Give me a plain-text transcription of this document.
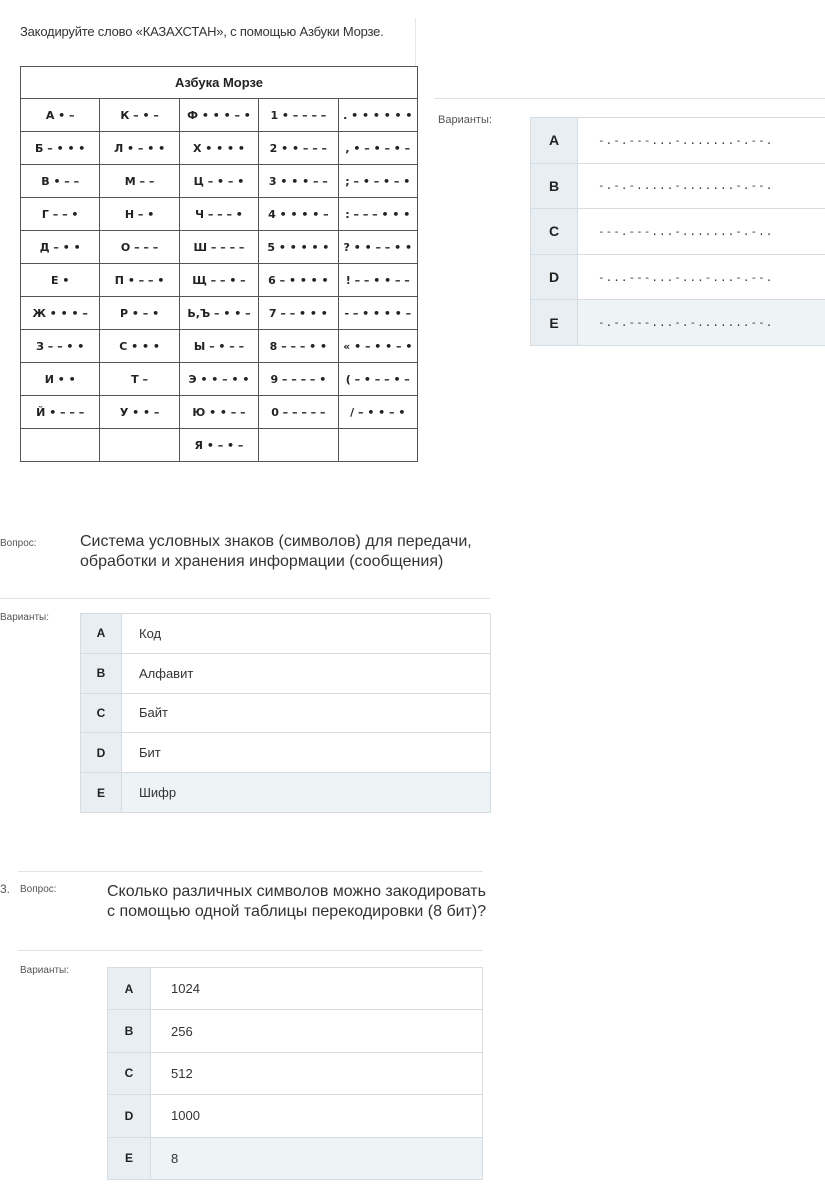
Закодируйте слово «КАЗАХСТАН», с помощью Азбуки Морзе.
Азбука Морзе				
А • –	К – • –	Ф • • • – •	1 • – – – –	. • • • • • •
Б – • • •	Л • – • •	Х • • • •	2 • • – – –	, • – • – • –
В • – –	М – –	Ц – • – •	3 • • • – –	; – • – • – •
Г – – •	Н – •	Ч – – – •	4 • • • • –	: – – – • • •
Д – • •	О – – –	Ш – – – –	5 • • • • •	? • • – – • •
Е •	П • – – •	Щ – – • –	6 – • • • •	! – – • • – –
Ж • • • –	Р • – •	Ь,Ъ – • • –	7 – – • • •	- – • • • • –
З – – • •	С • • •	Ы – • – –	8 – – – • •	« • – • • – •
И • •	Т –	Э • • – • •	9 – – – – •	( – • – – • –
Й • – – –	У • • –	Ю • • – –	0 – – – – –	/ – • • – •
		Я • – • –		
Варианты:
A	-.-.---...-.......-.--.
B	-.-.-.....-.......-.--.
C	---.---...-.......-.-..
D	-...---...-...-...-.--.
E	-.-.---...-.-.......--.
Вопрос:	Система условных знаков (символов) для передачи, обработки и хранения информации (сообщения)
Варианты:
A	Код
B	Алфавит
C	Байт
D	Бит
E	Шифр
3. Вопрос:	Сколько различных символов можно закодировать с помощью одной таблицы перекодировки (8 бит)?
Варианты:
A	1024
B	256
C	512
D	1000
E	8
